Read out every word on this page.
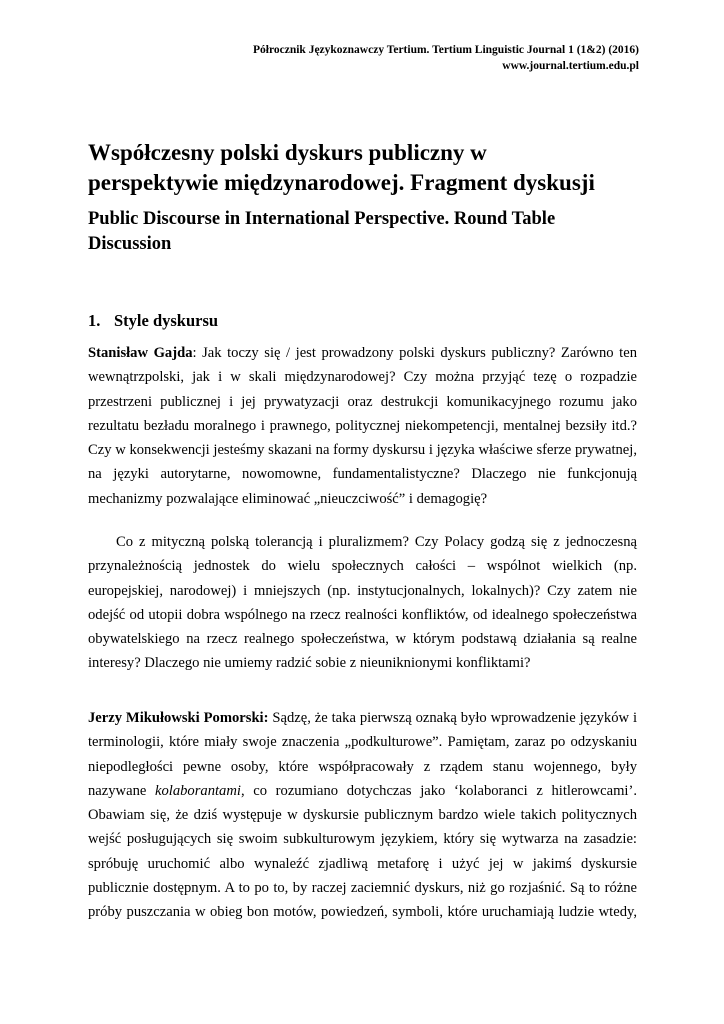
Półrocznik Językoznawczy Tertium. Tertium Linguistic Journal 1 (1&2) (2016)
www.journal.tertium.edu.pl
Współczesny polski dyskurs publiczny w
perspektywie międzynarodowej. Fragment dyskusji
Public Discourse in International Perspective. Round Table
Discussion
1. Style dyskursu

Stanisław Gajda: Jak toczy się / jest prowadzony polski dyskurs publiczny? Zarówno ten
wewnątrzpolski, jak i w skali międzynarodowej? Czy można przyjąć tezę o rozpadzie
przestrzeni publicznej i jej prywatyzacji oraz destrukcji komunikacyjnego rozumu jako
rezultatu bezładu moralnego i prawnego, politycznej niekompetencji, mentalnej bezsiły itd.?
Czy w konsekwencji jesteśmy skazani na formy dyskursu i języka właściwe sferze prywatnej,
na języki autorytarne, nowomowne, fundamentalistyczne? Dlaczego nie funkcjonują
mechanizmy pozwalające eliminować „nieuczciwość” i demagogię?

Co z mityczną polską tolerancją i pluralizmem? Czy Polacy godzą się z jednoczesną
przynależnością jednostek do wielu społecznych całości – wspólnot wielkich (np.
europejskiej, narodowej) i mniejszych (np. instytucjonalnych, lokalnych)? Czy zatem nie
odejść od utopii dobra wspólnego na rzecz realności konfliktów, od idealnego społeczeństwa
obywatelskiego na rzecz realnego społeczeństwa, w którym podstawą działania są realne
interesy? Dlaczego nie umiemy radzić sobie z nieuniknionymi konfliktami?

Jerzy Mikułowski Pomorski: Sądzę, że taka pierwszą oznaką było wprowadzenie języków i
terminologii, które miały swoje znaczenia „podkulturowe”. Pamiętam, zaraz po odzyskaniu
niepodległości pewne osoby, które współpracowały z rządem stanu wojennego, były
nazywane kolaborantami, co rozumiano dotychczas jako ‘kolaboranci z hitlerowcami’.
Obawiam się, że dziś występuje w dyskursie publicznym bardzo wiele takich politycznych
wejść posługujących się swoim subkulturowym językiem, który się wytwarza na zasadzie:
spróbuję uruchomić albo wynaleźć zjadliwą metaforę i użyć jej w jakimś dyskursie
publicznie dostępnym. A to po to, by raczej zaciemnić dyskurs, niż go rozjaśnić. Są to różne
próby puszczania w obieg bon motów, powiedzeń, symboli, które uruchamiają ludzie wtedy,
